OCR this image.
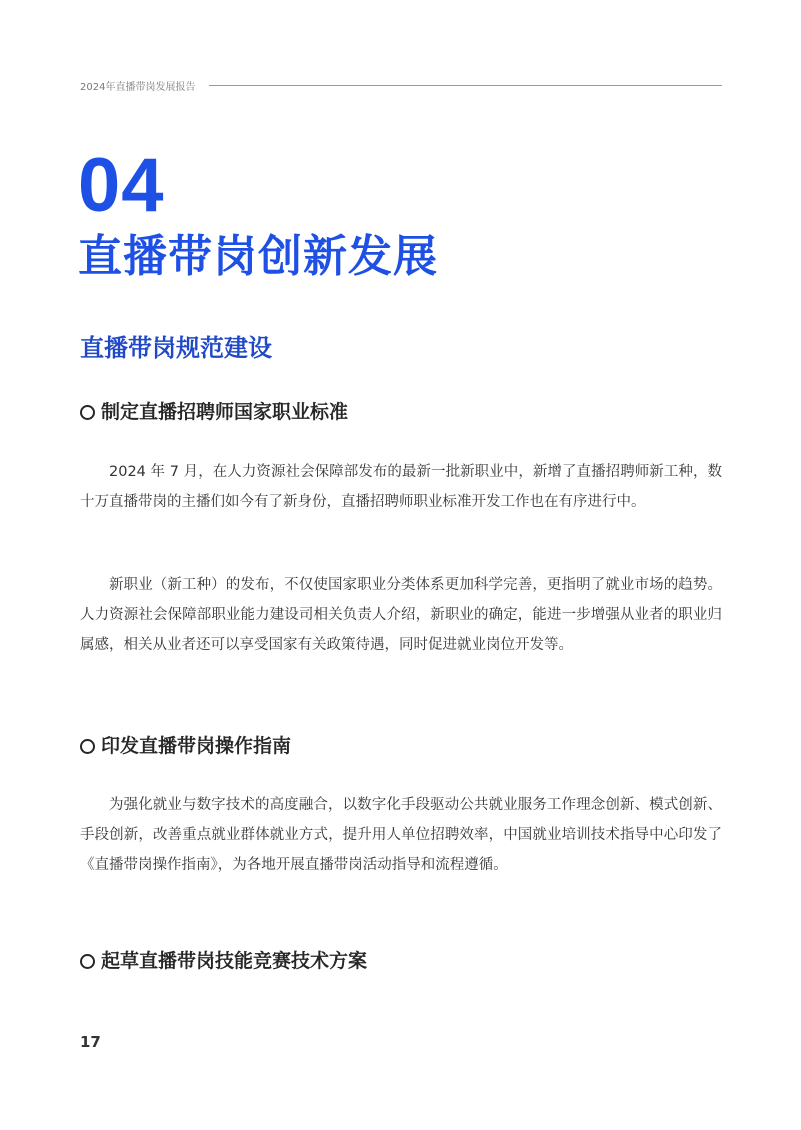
2024年直播带岗发展报告
04
直播带岗创新发展
直播带岗规范建设
制定直播招聘师国家职业标准

2024 年 7 月，在人力资源社会保障部发布的最新一批新职业中，新增了直播招聘师新工种，数十万直播带岗的主播们如今有了新身份，直播招聘师职业标准开发工作也在有序进行中。

新职业（新工种）的发布，不仅使国家职业分类体系更加科学完善，更指明了就业市场的趋势。人力资源社会保障部职业能力建设司相关负责人介绍，新职业的确定，能进一步增强从业者的职业归属感，相关从业者还可以享受国家有关政策待遇，同时促进就业岗位开发等。

印发直播带岗操作指南

为强化就业与数字技术的高度融合，以数字化手段驱动公共就业服务工作理念创新、模式创新、手段创新，改善重点就业群体就业方式，提升用人单位招聘效率，中国就业培训技术指导中心印发了《直播带岗操作指南》，为各地开展直播带岗活动指导和流程遵循。

起草直播带岗技能竞赛技术方案
17
